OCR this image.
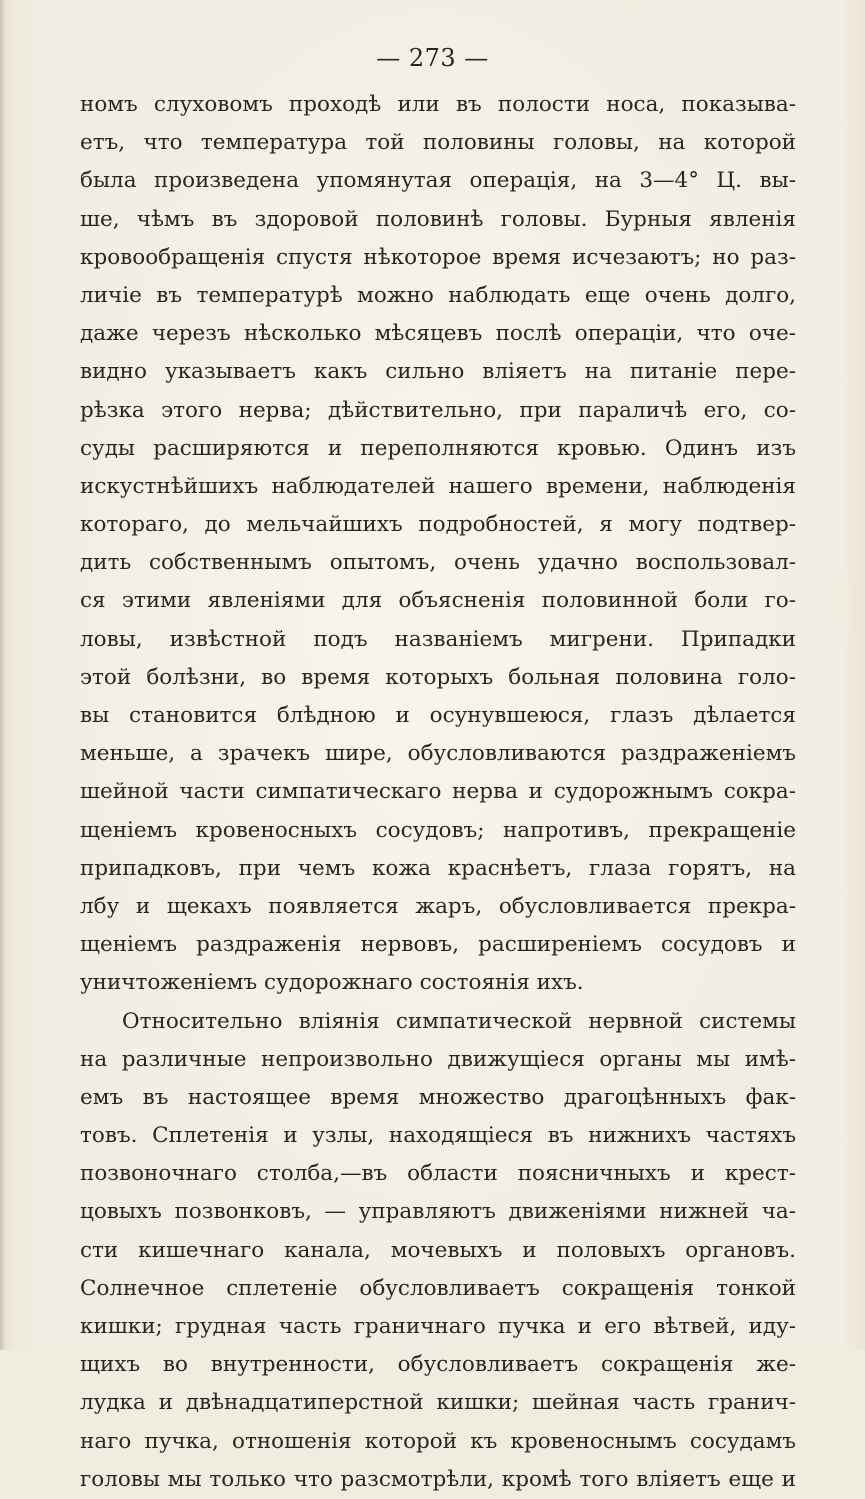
— 273 —
номъ слуховомъ проходѣ или въ полости носа, показыва-
етъ, что температура той половины головы, на которой
была произведена упомянутая операція, на 3—4° Ц. вы-
ше, чѣмъ въ здоровой половинѣ головы. Бурныя явленія
кровообращенія спустя нѣкоторое время исчезаютъ; но раз-
личіе въ температурѣ можно наблюдать еще очень долго,
даже черезъ нѣсколько мѣсяцевъ послѣ операціи, что оче-
видно указываетъ какъ сильно вліяетъ на питаніе пере-
рѣзка этого нерва; дѣйствительно, при параличѣ его, со-
суды расширяются и переполняются кровью. Одинъ изъ
искустнѣйшихъ наблюдателей нашего времени, наблюденія
котораго, до мельчайшихъ подробностей, я могу подтвер-
дить собственнымъ опытомъ, очень удачно воспользовал-
ся этими явленіями для объясненія половинной боли го-
ловы, извѣстной подъ названіемъ мигрени. Припадки
этой болѣзни, во время которыхъ больная половина голо-
вы становится блѣдною и осунувшеюся, глазъ дѣлается
меньше, а зрачекъ шире, обусловливаются раздраженіемъ
шейной части симпатическаго нерва и судорожнымъ сокра-
щеніемъ кровеносныхъ сосудовъ; напротивъ, прекращеніе
припадковъ, при чемъ кожа краснѣетъ, глаза горятъ, на
лбу и щекахъ появляется жаръ, обусловливается прекра-
щеніемъ раздраженія нервовъ, расширеніемъ сосудовъ и
уничтоженіемъ судорожнаго состоянія ихъ.
Относительно вліянія симпатической нервной системы
на различные непроизвольно движущіеся органы мы имѣ-
емъ въ настоящее время множество драгоцѣнныхъ фак-
товъ. Сплетенія и узлы, находящіеся въ нижнихъ частяхъ
позвоночнаго столба,—въ области поясничныхъ и крест-
цовыхъ позвонковъ, — управляютъ движеніями нижней ча-
сти кишечнаго канала, мочевыхъ и половыхъ органовъ.
Солнечное сплетеніе обусловливаетъ сокращенія тонкой
кишки; грудная часть граничнаго пучка и его вѣтвей, иду-
щихъ во внутренности, обусловливаетъ сокращенія же-
лудка и двѣнадцатиперстной кишки; шейная часть гранич-
наго пучка, отношенія которой къ кровеноснымъ сосудамъ
головы мы только что разсмотрѣли, кромѣ того вліяетъ еще и
